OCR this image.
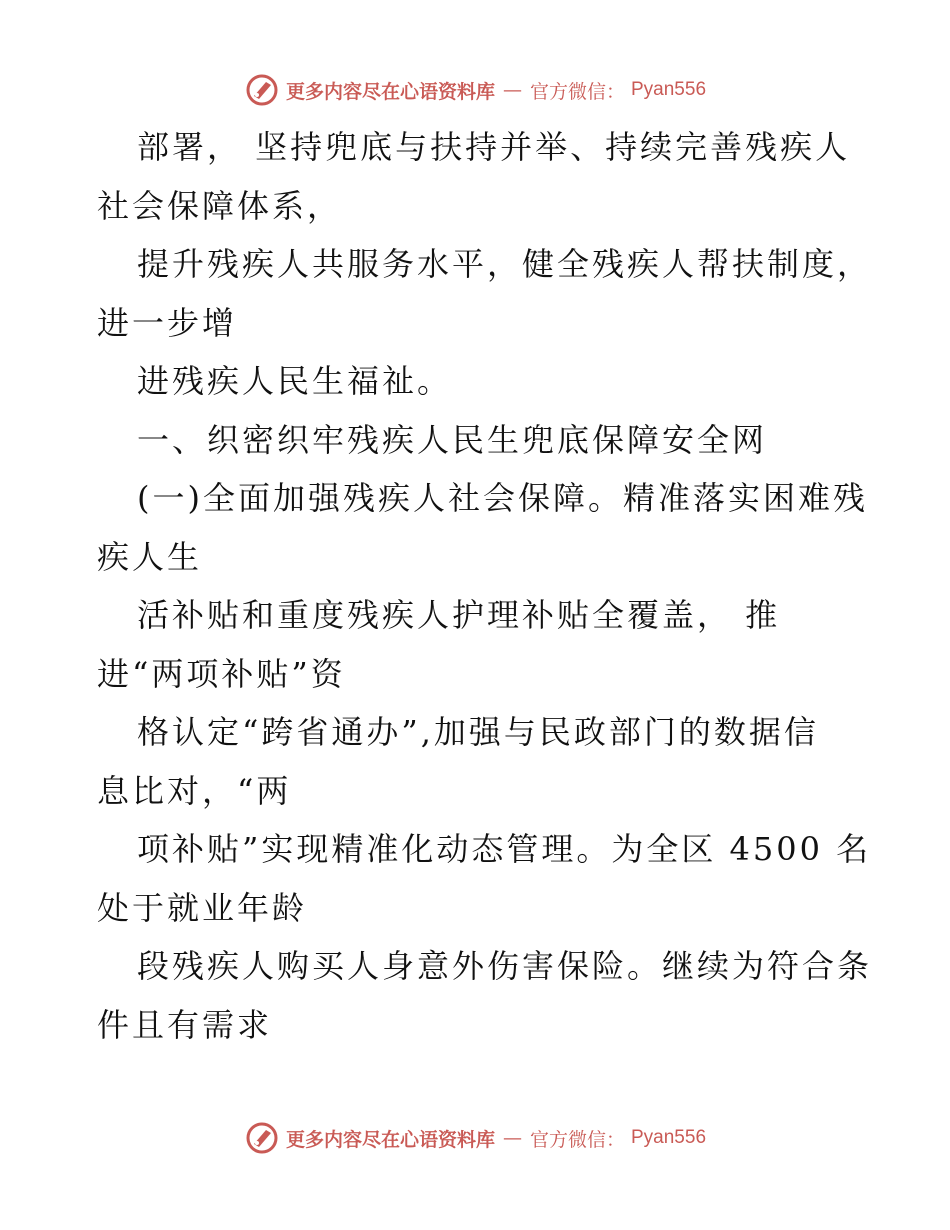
更多内容尽在心语资料库 — 官方微信： Pyan556
部署， 坚持兜底与扶持并举、持续完善残疾人
社会保障体系，
提升残疾人共服务水平，健全残疾人帮扶制度，
进一步增
进残疾人民生福祉。
一、织密织牢残疾人民生兜底保障安全网
(一)全面加强残疾人社会保障。精准落实困难残
疾人生
活补贴和重度残疾人护理补贴全覆盖， 推
进“两项补贴”资
格认定“跨省通办”,加强与民政部门的数据信
息比对，“两
项补贴”实现精准化动态管理。为全区 4500 名
处于就业年龄
段残疾人购买人身意外伤害保险。继续为符合条
件且有需求
更多内容尽在心语资料库 — 官方微信： Pyan556
